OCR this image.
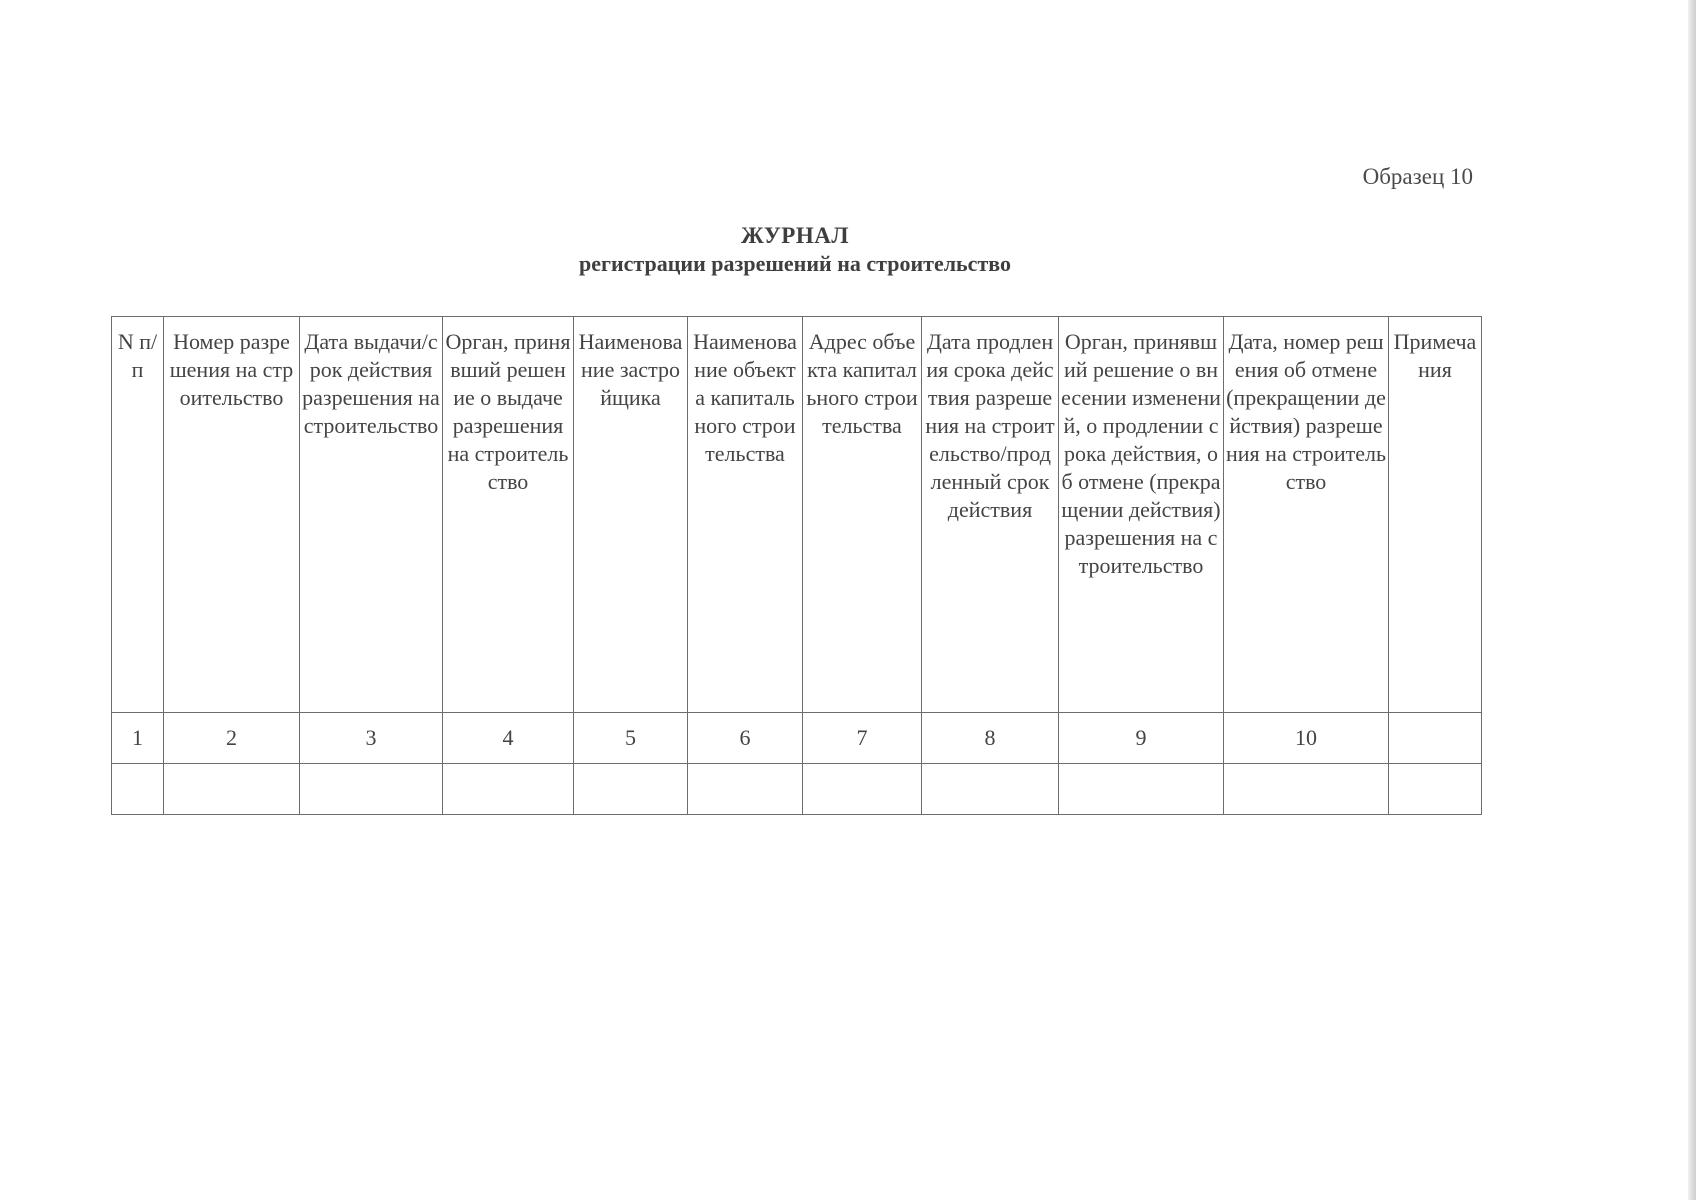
Образец 10
ЖУРНАЛ
регистрации разрешений на строительство
N п/п	Номер разрешения на строительство	Дата выдачи/срок действия разрешения на строительство	Орган, принявший решение о выдаче разрешения на строительство	Наименование застройщика	Наименование объекта капитального строительства	Адрес объекта капитального строительства	Дата продления срока действия разрешения на строительство/продленный срок действия	Орган, принявший решение о внесении изменений, о продлении срока действия, об отмене (прекращении действия) разрешения на строительство	Дата, номер решения об отмене (прекращении действия) разрешения на строительство	Примечания
1	2	3	4	5	6	7	8	9	10	
